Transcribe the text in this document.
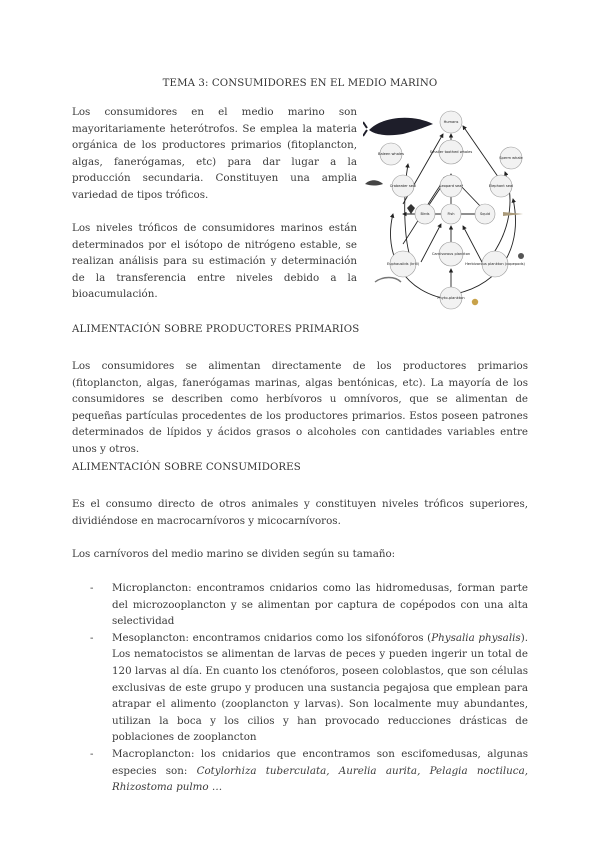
TEMA 3: CONSUMIDORES EN EL MEDIO MARINO

Los consumidores en el medio marino son mayoritariamente heterótrofos. Se emplea la materia orgánica de los productores primarios (fitoplancton, algas, fanerógamas, etc) para dar lugar a la producción secundaria. Constituyen una amplia variedad de tipos tróficos.

Los niveles tróficos de consumidores marinos están determinados por el isótopo de nitrógeno estable, se realizan análisis para su estimación y determinación de la transferencia entre niveles debido a la bioacumulación.

Humans
Baleen whales	Smaller toothed whales
Sperm whale
Crabeater seal	Leopard seal	Elephant seal
Birds	Fish	Squid
Carnivorous plankton
Euphausiids (krill)	Herbivorous plankton (copepods)
Phyto-plankton
ALIMENTACIÓN SOBRE PRODUCTORES PRIMARIOS

Los consumidores se alimentan directamente de los productores primarios (fitoplancton, algas, fanerógamas marinas, algas bentónicas, etc). La mayoría de los consumidores se describen como herbívoros u omnívoros, que se alimentan de pequeñas partículas procedentes de los productores primarios. Estos poseen patrones determinados de lípidos y ácidos grasos o alcoholes con cantidades variables entre unos y otros.

ALIMENTACIÓN SOBRE CONSUMIDORES

Es el consumo directo de otros animales y constituyen niveles tróficos superiores, dividiéndose en macrocarnívoros y micocarnívoros.

Los carnívoros del medio marino se dividen según su tamaño:

- Microplancton: encontramos cnidarios como las hidromedusas, forman parte del microzooplancton y se alimentan por captura de copépodos con una alta selectividad
- Mesoplancton: encontramos cnidarios como los sifonóforos (Physalia physalis). Los nematocistos se alimentan de larvas de peces y pueden ingerir un total de 120 larvas al día. En cuanto los ctenóforos, poseen coloblastos, que son células exclusivas de este grupo y producen una sustancia pegajosa que emplean para atrapar el alimento (zooplancton y larvas). Son localmente muy abundantes, utilizan la boca y los cilios y han provocado reducciones drásticas de poblaciones de zooplancton
- Macroplancton: los cnidarios que encontramos son escifomedusas, algunas especies son: Cotylorhiza tuberculata, Aurelia aurita, Pelagia noctiluca, Rhizostoma pulmo …
